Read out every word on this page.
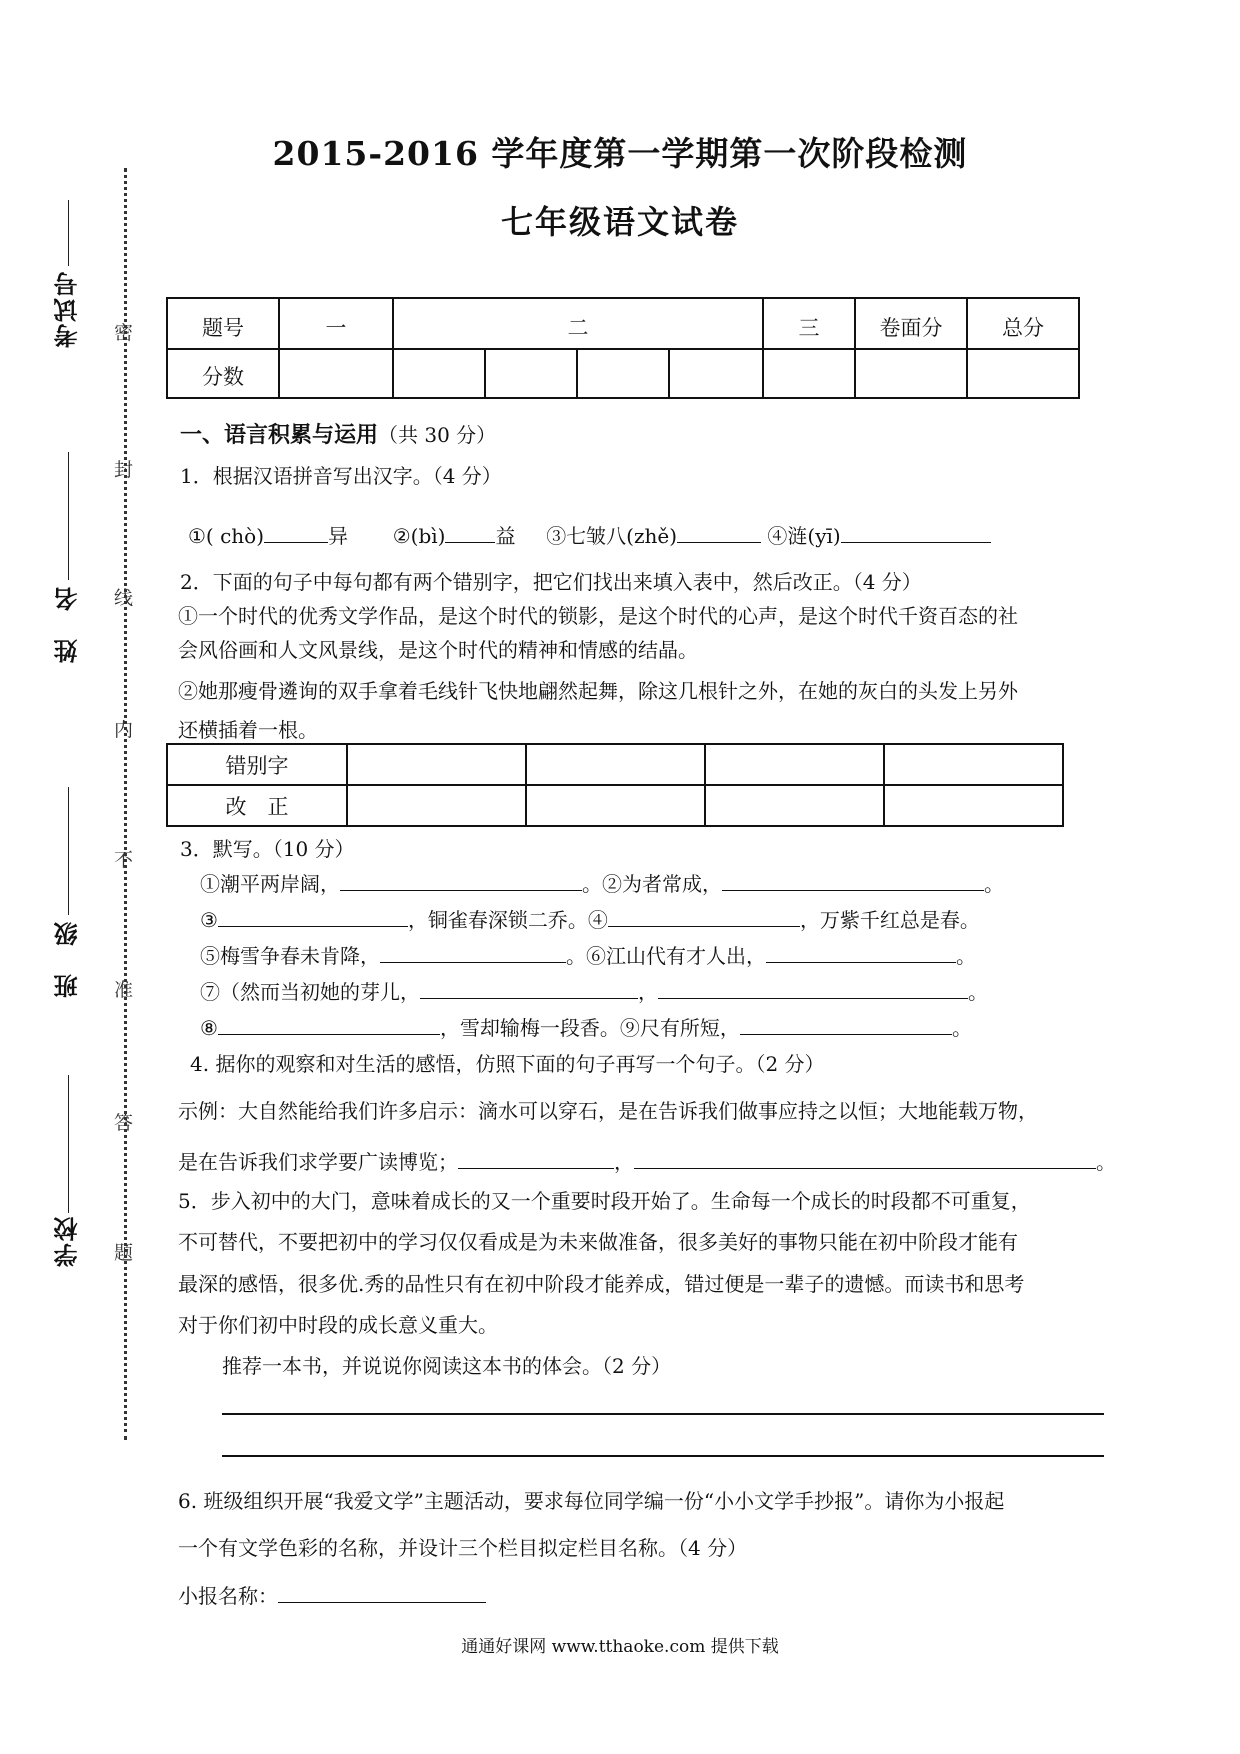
考试号
姓　名
班　级
学校
密
封
线
内
不
准
答
题
2015-2016 学年度第一学期第一次阶段检测
七年级语文试卷
题号	一	二				三	卷面分	总分
分数								
一、语言积累与运用（共 30 分）
1．根据汉语拼音写出汉字。（4 分）
①( chò)	异 ②(bì)	益 ③七皱八(zhě)	④涟(yī)
2．下面的句子中每句都有两个错别字，把它们找出来填入表中，然后改正。（4 分）
①一个时代的优秀文学作品，是这个时代的锁影，是这个时代的心声，是这个时代千资百态的社
会风俗画和人文风景线，是这个时代的精神和情感的结晶。
②她那瘦骨遴询的双手拿着毛线针飞快地翩然起舞，除这几根针之外，在她的灰白的头发上另外
还横插着一根。
错别字				
改　正				
3．默写。（10 分）
①潮平两岸阔，	。②为者常成，	。
③	，铜雀春深锁二乔。④	，万紫千红总是春。
⑤梅雪争春未肯降，	。⑥江山代有才人出，	。
⑦（然而当初她的芽儿，	，	。
⑧	，雪却输梅一段香。⑨尺有所短，	。
4. 据你的观察和对生活的感悟，仿照下面的句子再写一个句子。（2 分）
示例：大自然能给我们许多启示：滴水可以穿石，是在告诉我们做事应持之以恒；大地能载万物，
是在告诉我们求学要广读博览；	，	。
5．步入初中的大门，意味着成长的又一个重要时段开始了。生命每一个成长的时段都不可重复，
不可替代，不要把初中的学习仅仅看成是为未来做准备，很多美好的事物只能在初中阶段才能有
最深的感悟，很多优.秀的品性只有在初中阶段才能养成，错过便是一辈子的遗憾。而读书和思考
对于你们初中时段的成长意义重大。
推荐一本书，并说说你阅读这本书的体会。（2 分）
6. 班级组织开展“我爱文学”主题活动，要求每位同学编一份“小小文学手抄报”。请你为小报起
一个有文学色彩的名称，并设计三个栏目拟定栏目名称。（4 分）
小报名称：
通通好课网 www.tthaoke.com 提供下载
